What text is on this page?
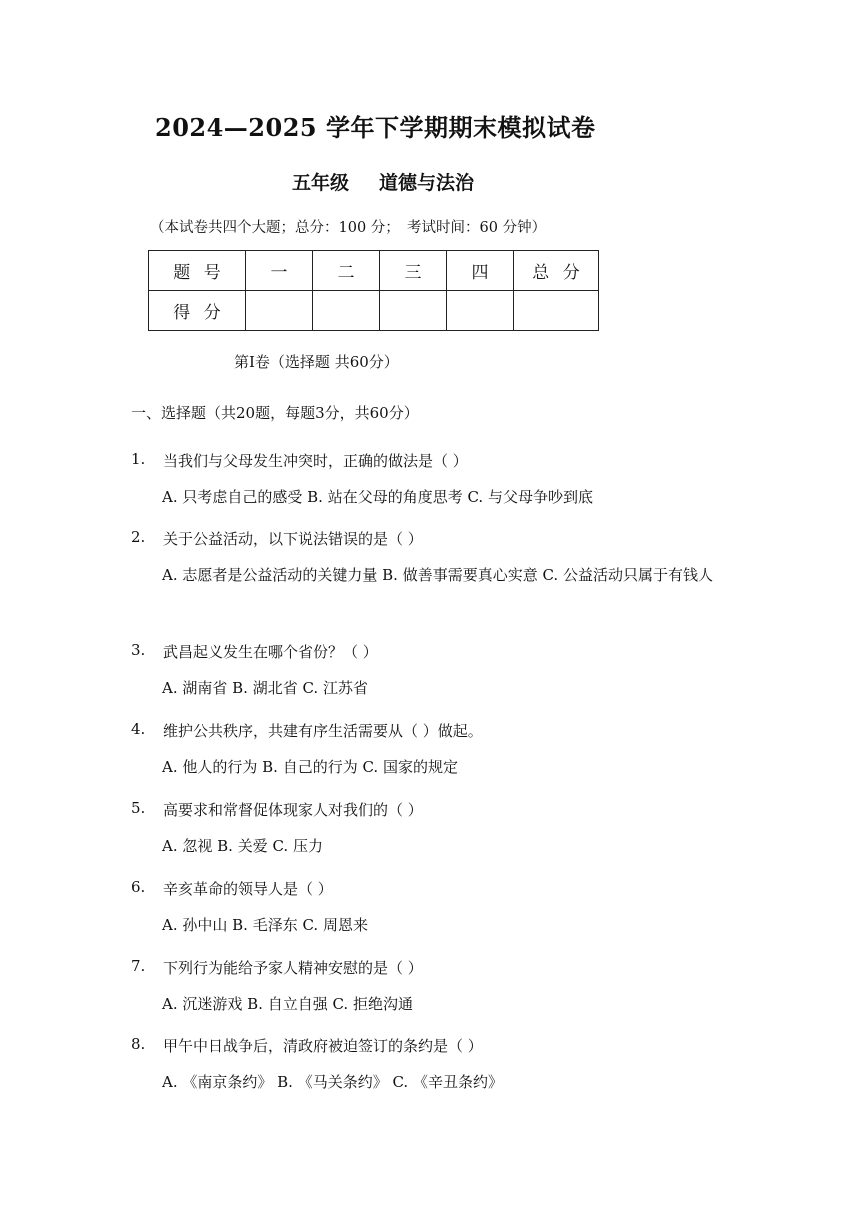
2024—2025 学年下学期期末模拟试卷
五年级 道德与法治
（本试卷共四个大题；总分：100 分；　考试时间：60 分钟）
题号	一	二	三	四	总分
得分					
第Ⅰ卷（选择题 共60分）
一、选择题（共20题，每题3分，共60分）
1.	当我们与父母发生冲突时，正确的做法是（ ）
A. 只考虑自己的感受 B. 站在父母的角度思考 C. 与父母争吵到底
2.	关于公益活动，以下说法错误的是（ ）
A. 志愿者是公益活动的关键力量 B. 做善事需要真心实意 C. 公益活动只属于有钱人
3.	武昌起义发生在哪个省份？（ ）
A. 湖南省 B. 湖北省 C. 江苏省
4.	维护公共秩序，共建有序生活需要从（ ）做起。
A. 他人的行为 B. 自己的行为 C. 国家的规定
5.	高要求和常督促体现家人对我们的（ ）
A. 忽视 B. 关爱 C. 压力
6.	辛亥革命的领导人是（ ）
A. 孙中山 B. 毛泽东 C. 周恩来
7.	下列行为能给予家人精神安慰的是（ ）
A. 沉迷游戏 B. 自立自强 C. 拒绝沟通
8.	甲午中日战争后，清政府被迫签订的条约是（ ）
A. 《南京条约》 B. 《马关条约》 C. 《辛丑条约》
